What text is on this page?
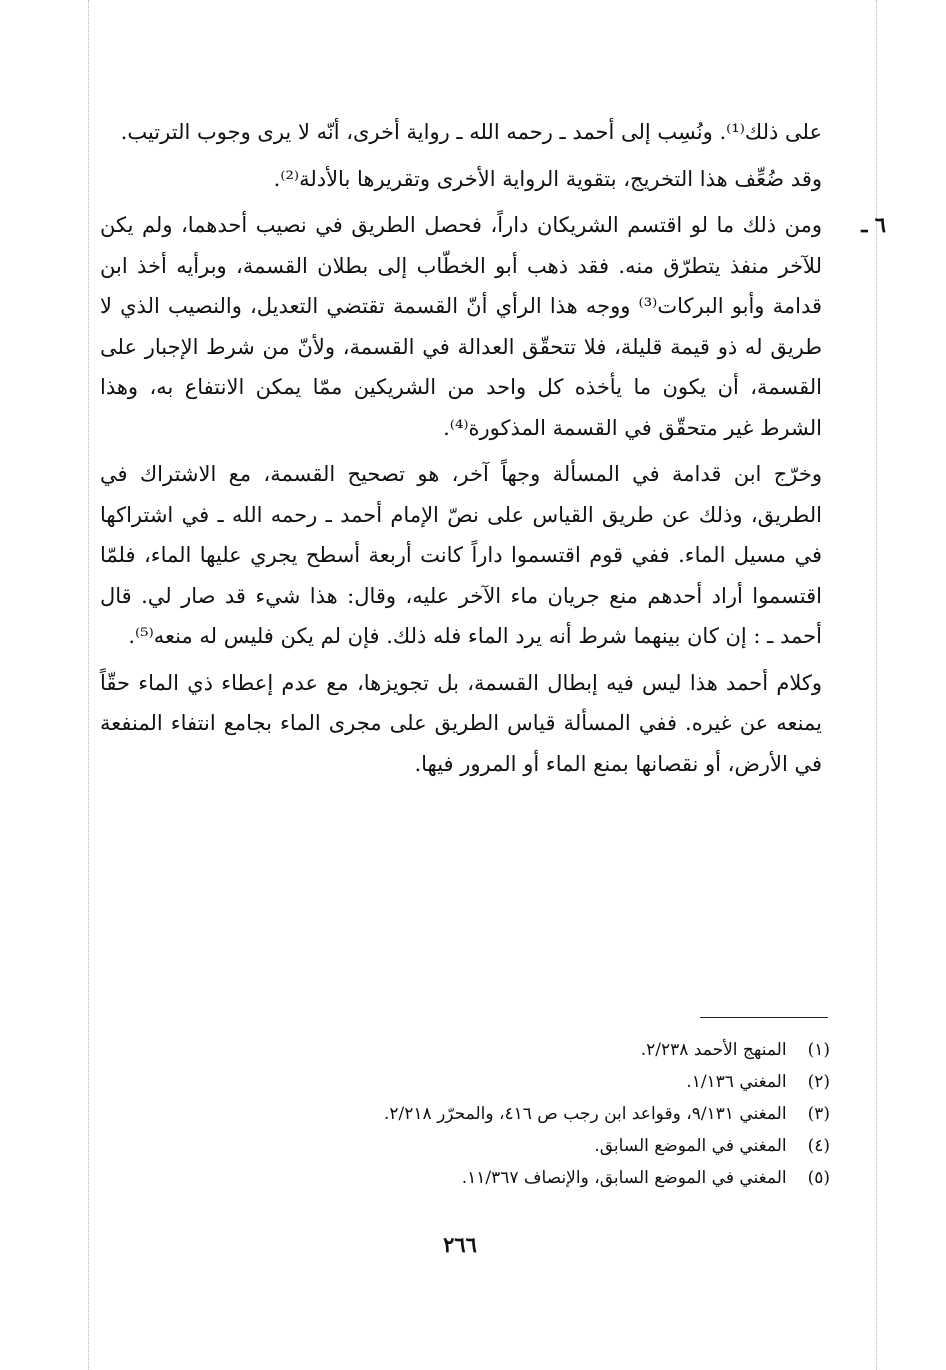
على ذلك⁽¹⁾. ونُسِب إلى أحمد ـ رحمه الله ـ رواية أخرى، أنّه لا يرى وجوب الترتيب.

وقد ضُعِّف هذا التخريج، بتقوية الرواية الأخرى وتقريرها بالأدلة⁽²⁾.

٦ ـ
ومن ذلك ما لو اقتسم الشريكان داراً، فحصل الطريق في نصيب أحدهما، ولم يكن للآخر منفذ يتطرّق منه. فقد ذهب أبو الخطّاب إلى بطلان القسمة، وبرأيه أخذ ابن قدامة وأبو البركات⁽³⁾ ووجه هذا الرأي أنّ القسمة تقتضي التعديل، والنصيب الذي لا طريق له ذو قيمة قليلة، فلا تتحقّق العدالة في القسمة، ولأنّ من شرط الإجبار على القسمة، أن يكون ما يأخذه كل واحد من الشريكين ممّا يمكن الانتفاع به، وهذا الشرط غير متحقّق في القسمة المذكورة⁽⁴⁾.

وخرّج ابن قدامة في المسألة وجهاً آخر، هو تصحيح القسمة، مع الاشتراك في الطريق، وذلك عن طريق القياس على نصّ الإمام أحمد ـ رحمه الله ـ في اشتراكها في مسيل الماء. ففي قوم اقتسموا داراً كانت أربعة أسطح يجري عليها الماء، فلمّا اقتسموا أراد أحدهم منع جريان ماء الآخر عليه، وقال: هذا شيء قد صار لي. قال أحمد ـ : إن كان بينهما شرط أنه يرد الماء فله ذلك. فإن لم يكن فليس له منعه⁽⁵⁾.

وكلام أحمد هذا ليس فيه إبطال القسمة، بل تجويزها، مع عدم إعطاء ذي الماء حقّاً يمنعه عن غيره. ففي المسألة قياس الطريق على مجرى الماء بجامع انتفاء المنفعة في الأرض، أو نقصانها بمنع الماء أو المرور فيها.

(١) المنهج الأحمد ٢/٢٣٨.

(٢) المغني ١/١٣٦.

(٣) المغني ٩/١٣١، وقواعد ابن رجب ص ٤١٦، والمحرّر ٢/٢١٨.

(٤) المغني في الموضع السابق.

(٥) المغني في الموضع السابق، والإنصاف ١١/٣٦٧.

٢٦٦
